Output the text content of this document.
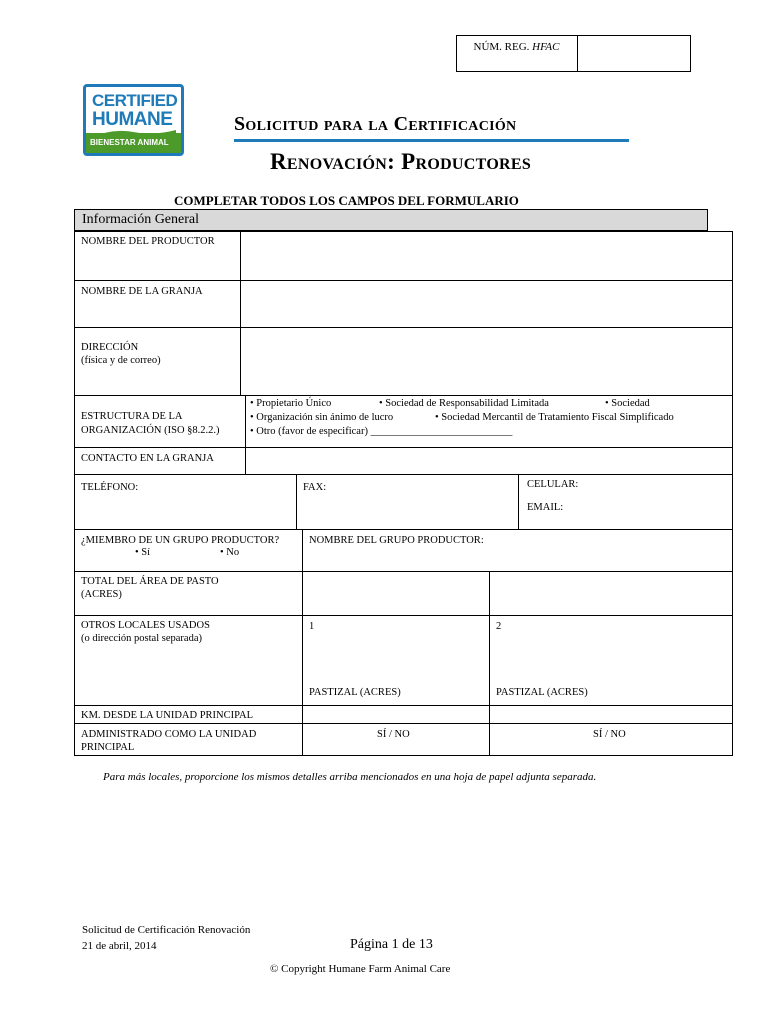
NÚM. REG. HFAC
CERTIFIED
HUMANE
BIENESTAR ANIMAL
Solicitud para la Certificación
Renovación: Productores
COMPLETAR TODOS LOS CAMPOS DEL FORMULARIO
Información General
NOMBRE DEL PRODUCTOR
NOMBRE DE LA GRANJA
DIRECCIÓN
(física y de correo)
ESTRUCTURA DE LA
ORGANIZACIÓN (ISO §8.2.2.)
• Propietario Único	• Sociedad de Responsabilidad Limitada	• Sociedad
• Organización sin ánimo de lucro	• Sociedad Mercantil de Tratamiento Fiscal Simplificado
• Otro (favor de especificar) ___________________________
CONTACTO EN LA GRANJA
TELÉFONO:	FAX:	CELULAR:
EMAIL:
¿MIEMBRO DE UN GRUPO PRODUCTOR?
• Sí	• No
NOMBRE DEL GRUPO PRODUCTOR:
TOTAL DEL ÁREA DE PASTO
(ACRES)
OTROS LOCALES USADOS
(o dirección postal separada)
1	2
PASTIZAL (ACRES)	PASTIZAL (ACRES)
KM. DESDE LA UNIDAD PRINCIPAL
ADMINISTRADO COMO LA UNIDAD
PRINCIPAL
SÍ / NO	SÍ / NO
Para más locales, proporcione los mismos detalles arriba mencionados en una hoja de papel adjunta separada.
Solicitud de Certificación Renovación
21 de abril, 2014	Página 1 de 13
© Copyright Humane Farm Animal Care
